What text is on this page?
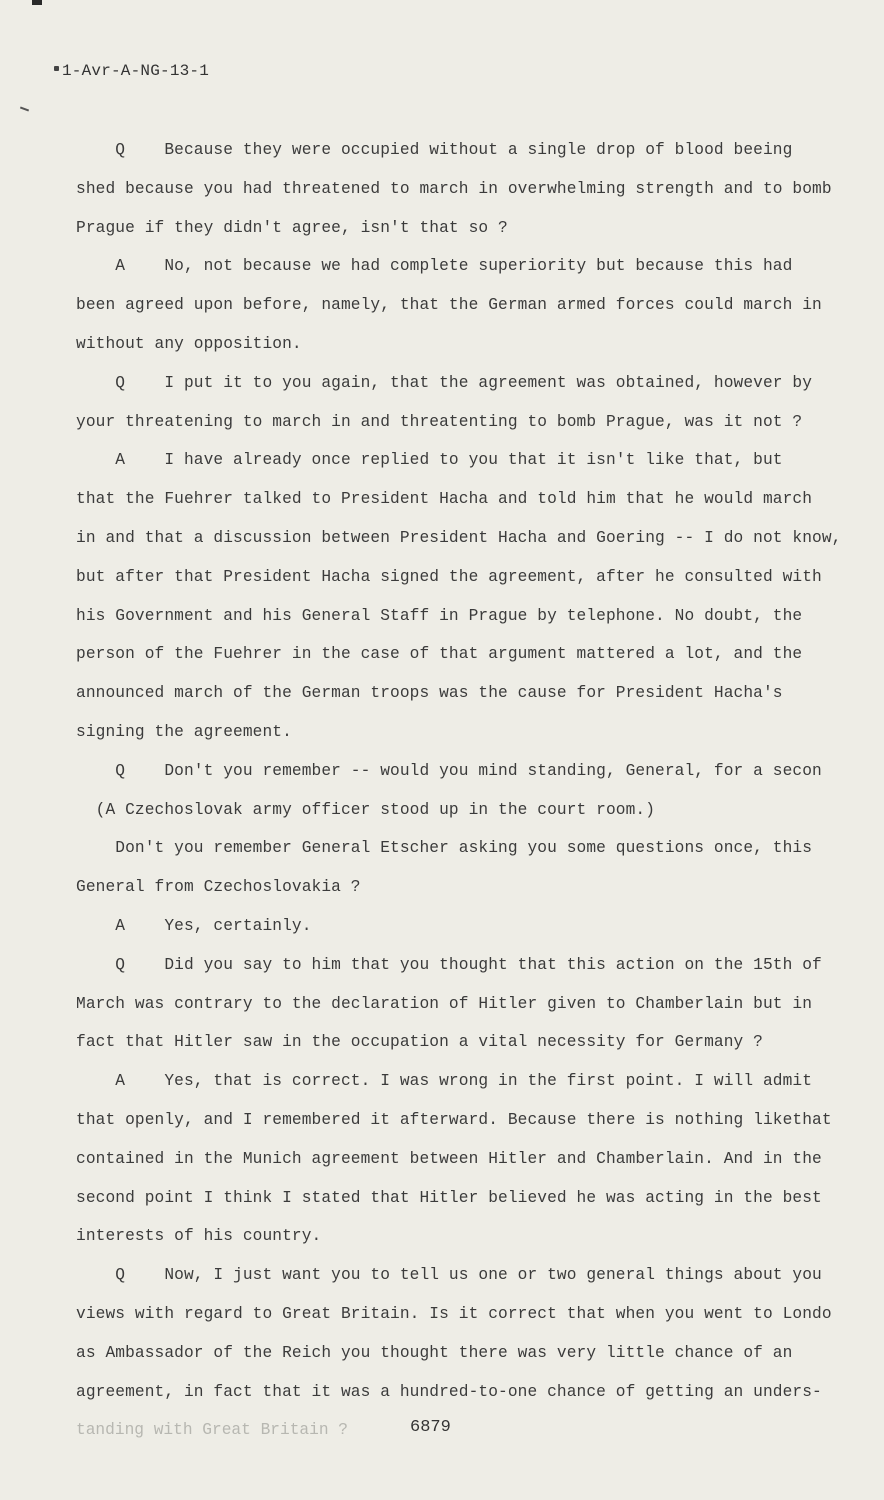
1-Avr-A-NG-13-1
Q    Because they were occupied without a single drop of blood beeing
shed because you had threatened to march in overwhelming strength and to bomb
Prague if they didn't agree, isn't that so ?
A    No, not because we had complete superiority but because this had
been agreed upon before, namely, that the German armed forces could march in
without any opposition.
Q    I put it to you again, that the agreement was obtained, however by
your threatening to march in and threatenting to bomb Prague, was it not ?
A    I have already once replied to you that it isn't like that, but
that the Fuehrer talked to President Hacha and told him that he would march
in and that a discussion between President Hacha and Goering -- I do not know,
but after that President Hacha signed the agreement, after he consulted with
his Government and his General Staff in Prague by telephone. No doubt, the
person of the Fuehrer in the case of that argument mattered a lot, and the
announced march of the German troops was the cause for President Hacha's
signing the agreement.
Q    Don't you remember -- would you mind standing, General, for a secon
(A Czechoslovak army officer stood up in the court room.)
Don't you remember General Etscher asking you some questions once, this
General from Czechoslovakia ?
A    Yes, certainly.
Q    Did you say to him that you thought that this action on the 15th of
March was contrary to the declaration of Hitler given to Chamberlain but in
fact that Hitler saw in the occupation a vital necessity for Germany ?
A    Yes, that is correct. I was wrong in the first point. I will admit
that openly, and I remembered it afterward. Because there is nothing likethat
contained in the Munich agreement between Hitler and Chamberlain. And in the
second point I think I stated that Hitler believed he was acting in the best
interests of his country.
Q    Now, I just want you to tell us one or two general things about you
views with regard to Great Britain. Is it correct that when you went to Londo
as Ambassador of the Reich you thought there was very little chance of an
agreement, in fact that it was a hundred-to-one chance of getting an unders-
tanding with Great Britain ?	6879
